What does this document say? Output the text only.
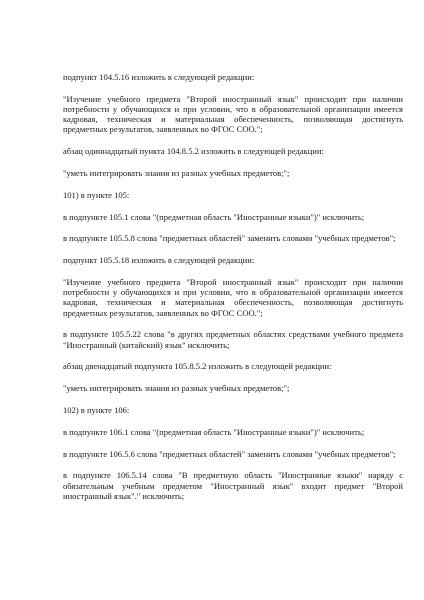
подпункт 104.5.16 изложить в следующей редакции:

"Изучение учебного предмета "Второй иностранный язык" происходит при наличии потребности у обучающихся и при условии, что в образовательной организации имеется кадровая, техническая и материальная обеспеченность, позволяющая достигнуть предметных результатов, заявленных во ФГОС СОО.";

абзац одиннадцатый пункта 104.8.5.2 изложить в следующей редакции:

"уметь интегрировать знания из разных учебных предметов;";

101) в пункте 105:

в подпункте 105.1 слова "(предметная область "Иностранные языки")" исключить;

в подпункте 105.5.8 слова "предметных областей" заменить словами "учебных предметов";

подпункт 105.5.18 изложить в следующей редакции:

"Изучение учебного предмета "Второй иностранный язык" происходит при наличии потребности у обучающихся и при условии, что в образовательной организации имеется кадровая, техническая и материальная обеспеченность, позволяющая достигнуть предметных результатов, заявленных во ФГОС СОО.";

в подпункте 105.5.22 слова "в других предметных областях средствами учебного предмета "Иностранный (китайский) язык" исключить;

абзац двенадцатый подпункта 105.8.5.2 изложить в следующей редакции:

"уметь интегрировать знания из разных учебных предметов;";

102) в пункте 106:

в подпункте 106.1 слова "(предметная область "Иностранные языки")" исключить;

в подпункте 106.5.6 слова "предметных областей" заменить словами "учебных предметов";

в подпункте 106.5.14 слова "В предметную область "Иностранные языки" наряду с обязательным учебным предметом "Иностранный язык" входит предмет "Второй иностранный язык"." исключить;
